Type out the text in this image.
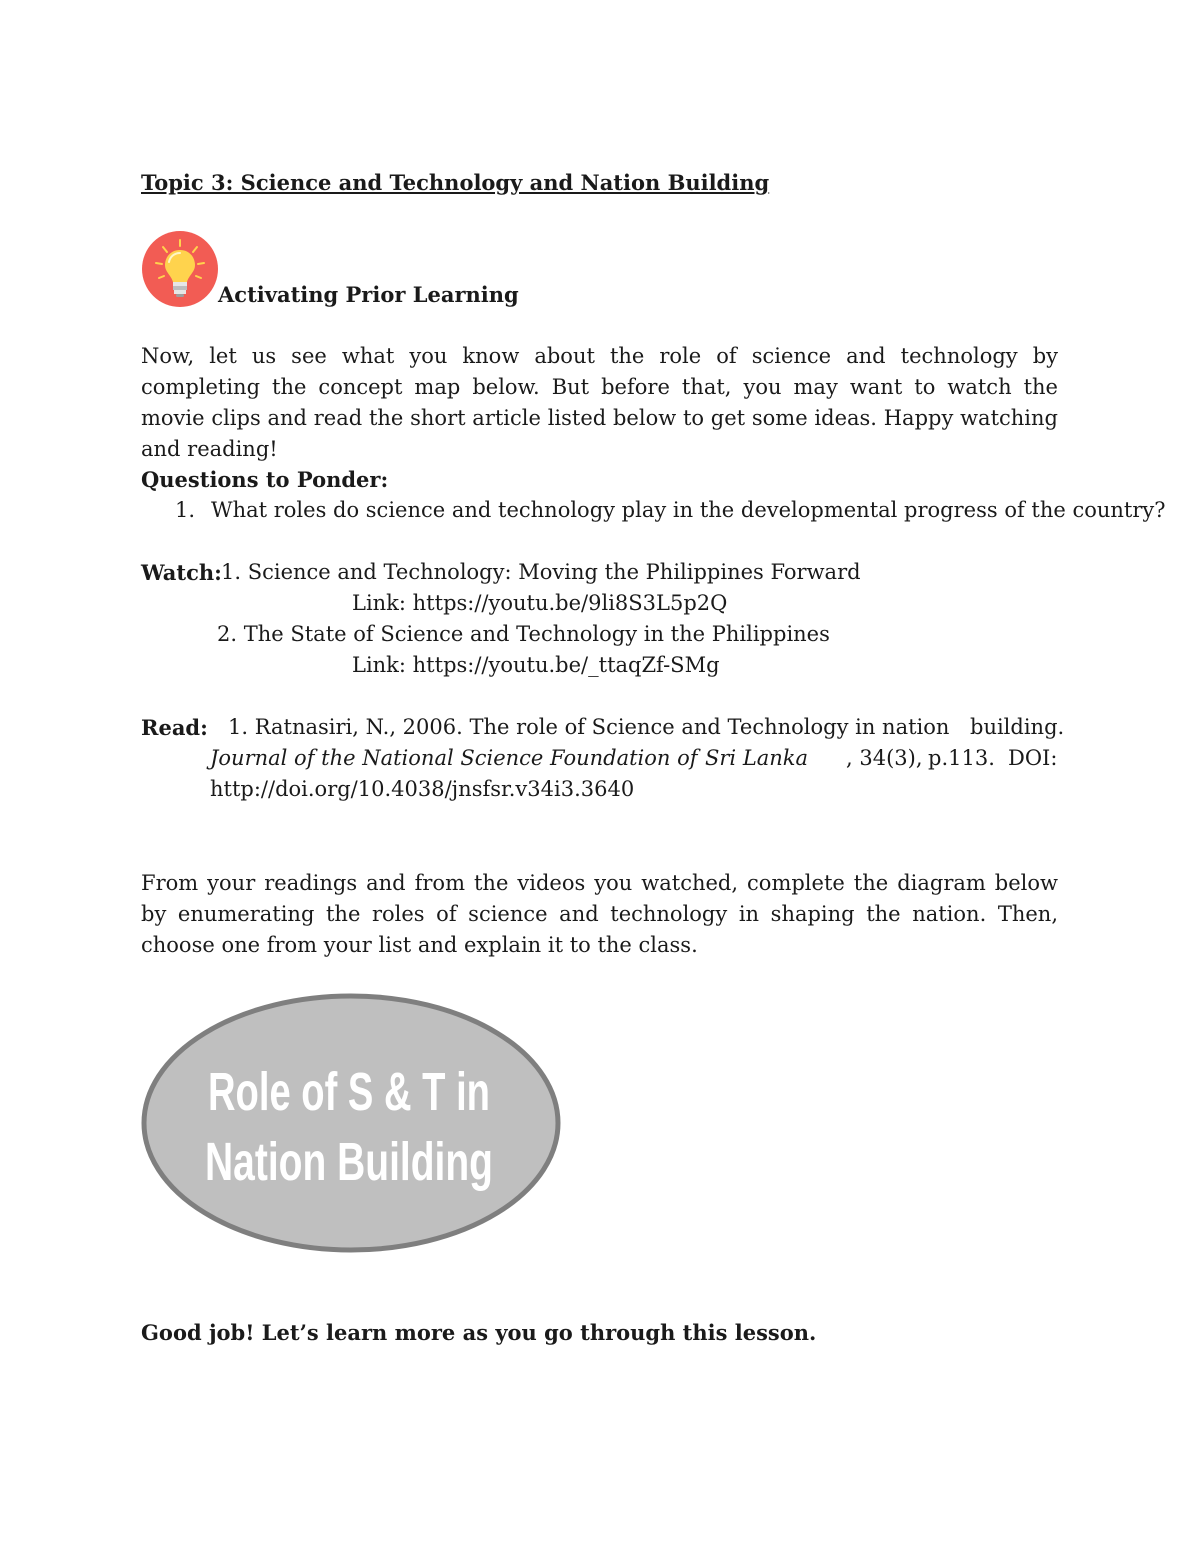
Topic 3: Science and Technology and Nation Building
Activating Prior Learning
Now, let us see what you know about the role of science and technology by completing the concept map below. But before that, you may want to watch the movie clips and read the short article listed below to get some ideas. Happy watching and reading!
Questions to Ponder:
1. What roles do science and technology play in the developmental progress of the country?
Watch: 1. Science and Technology: Moving the Philippines Forward
Link: https://youtu.be/9li8S3L5p2Q
2. The State of Science and Technology in the Philippines
Link: https://youtu.be/_ttaqZf-SMg
Read: 1. Ratnasiri, N., 2006. The role of Science and Technology in nation building.
Journal of the National Science Foundation of Sri Lanka , 34(3), p.113. DOI:
http://doi.org/10.4038/jnsfsr.v34i3.3640
From your readings and from the videos you watched, complete the diagram below by enumerating the roles of science and technology in shaping the nation. Then, choose one from your list and explain it to the class.
Role of S & T in
Nation Building
Good job! Let’s learn more as you go through this lesson.
